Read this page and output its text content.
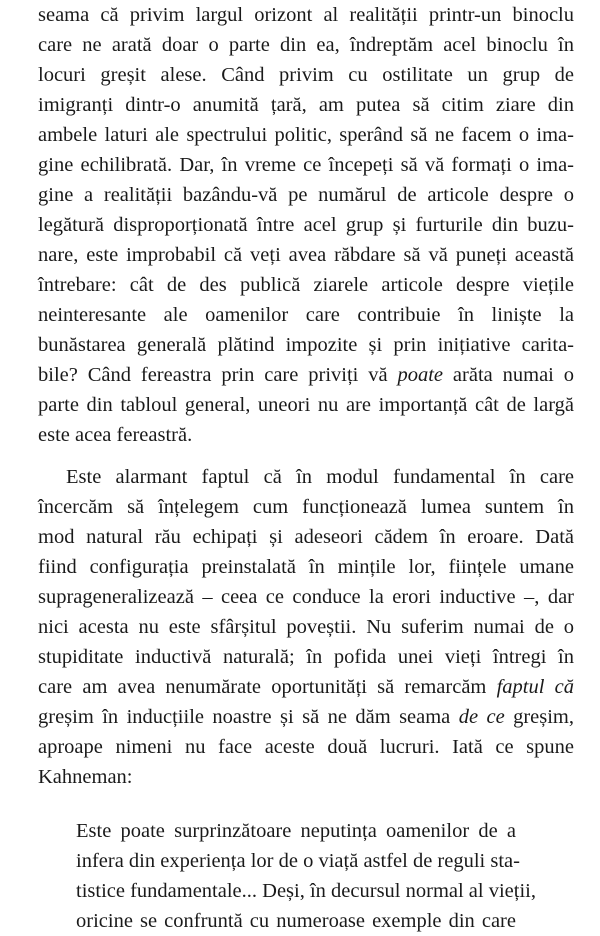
seama că privim largul orizont al realității printr-un binoclu
care ne arată doar o parte din ea, îndreptăm acel binoclu în
locuri greșit alese. Când privim cu ostilitate un grup de
imigranți dintr-o anumită țară, am putea să citim ziare din
ambele laturi ale spectrului politic, sperând să ne facem o ima-
gine echilibrată. Dar, în vreme ce începeți să vă formați o ima-
gine a realității bazându-vă pe numărul de articole despre o
legătură disproporționată între acel grup și furturile din buzu-
nare, este improbabil că veți avea răbdare să vă puneți această
întrebare: cât de des publică ziarele articole despre viețile
neinteresante ale oamenilor care contribuie în liniște la
bunăstarea generală plătind impozite și prin inițiative carita-
bile? Când fereastra prin care priviți vă poate arăta numai o
parte din tabloul general, uneori nu are importanță cât de largă
este acea fereastră.
Este alarmant faptul că în modul fundamental în care
încercăm să înțelegem cum funcționează lumea suntem în
mod natural rău echipați și adeseori cădem în eroare. Dată
fiind configurația preinstalată în mințile lor, ființele umane
suprageneralizează – ceea ce conduce la erori inductive –, dar
nici acesta nu este sfârșitul poveștii. Nu suferim numai de o
stupiditate inductivă naturală; în pofida unei vieți întregi în
care am avea nenumărate oportunități să remarcăm faptul că
greșim în inducțiile noastre și să ne dăm seama de ce greșim,
aproape nimeni nu face aceste două lucruri. Iată ce spune
Kahneman:
Este poate surprinzătoare neputința oamenilor de a
infera din experiența lor de o viață astfel de reguli sta-
tistice fundamentale... Deși, în decursul normal al vieții,
oricine se confruntă cu numeroase exemple din care
